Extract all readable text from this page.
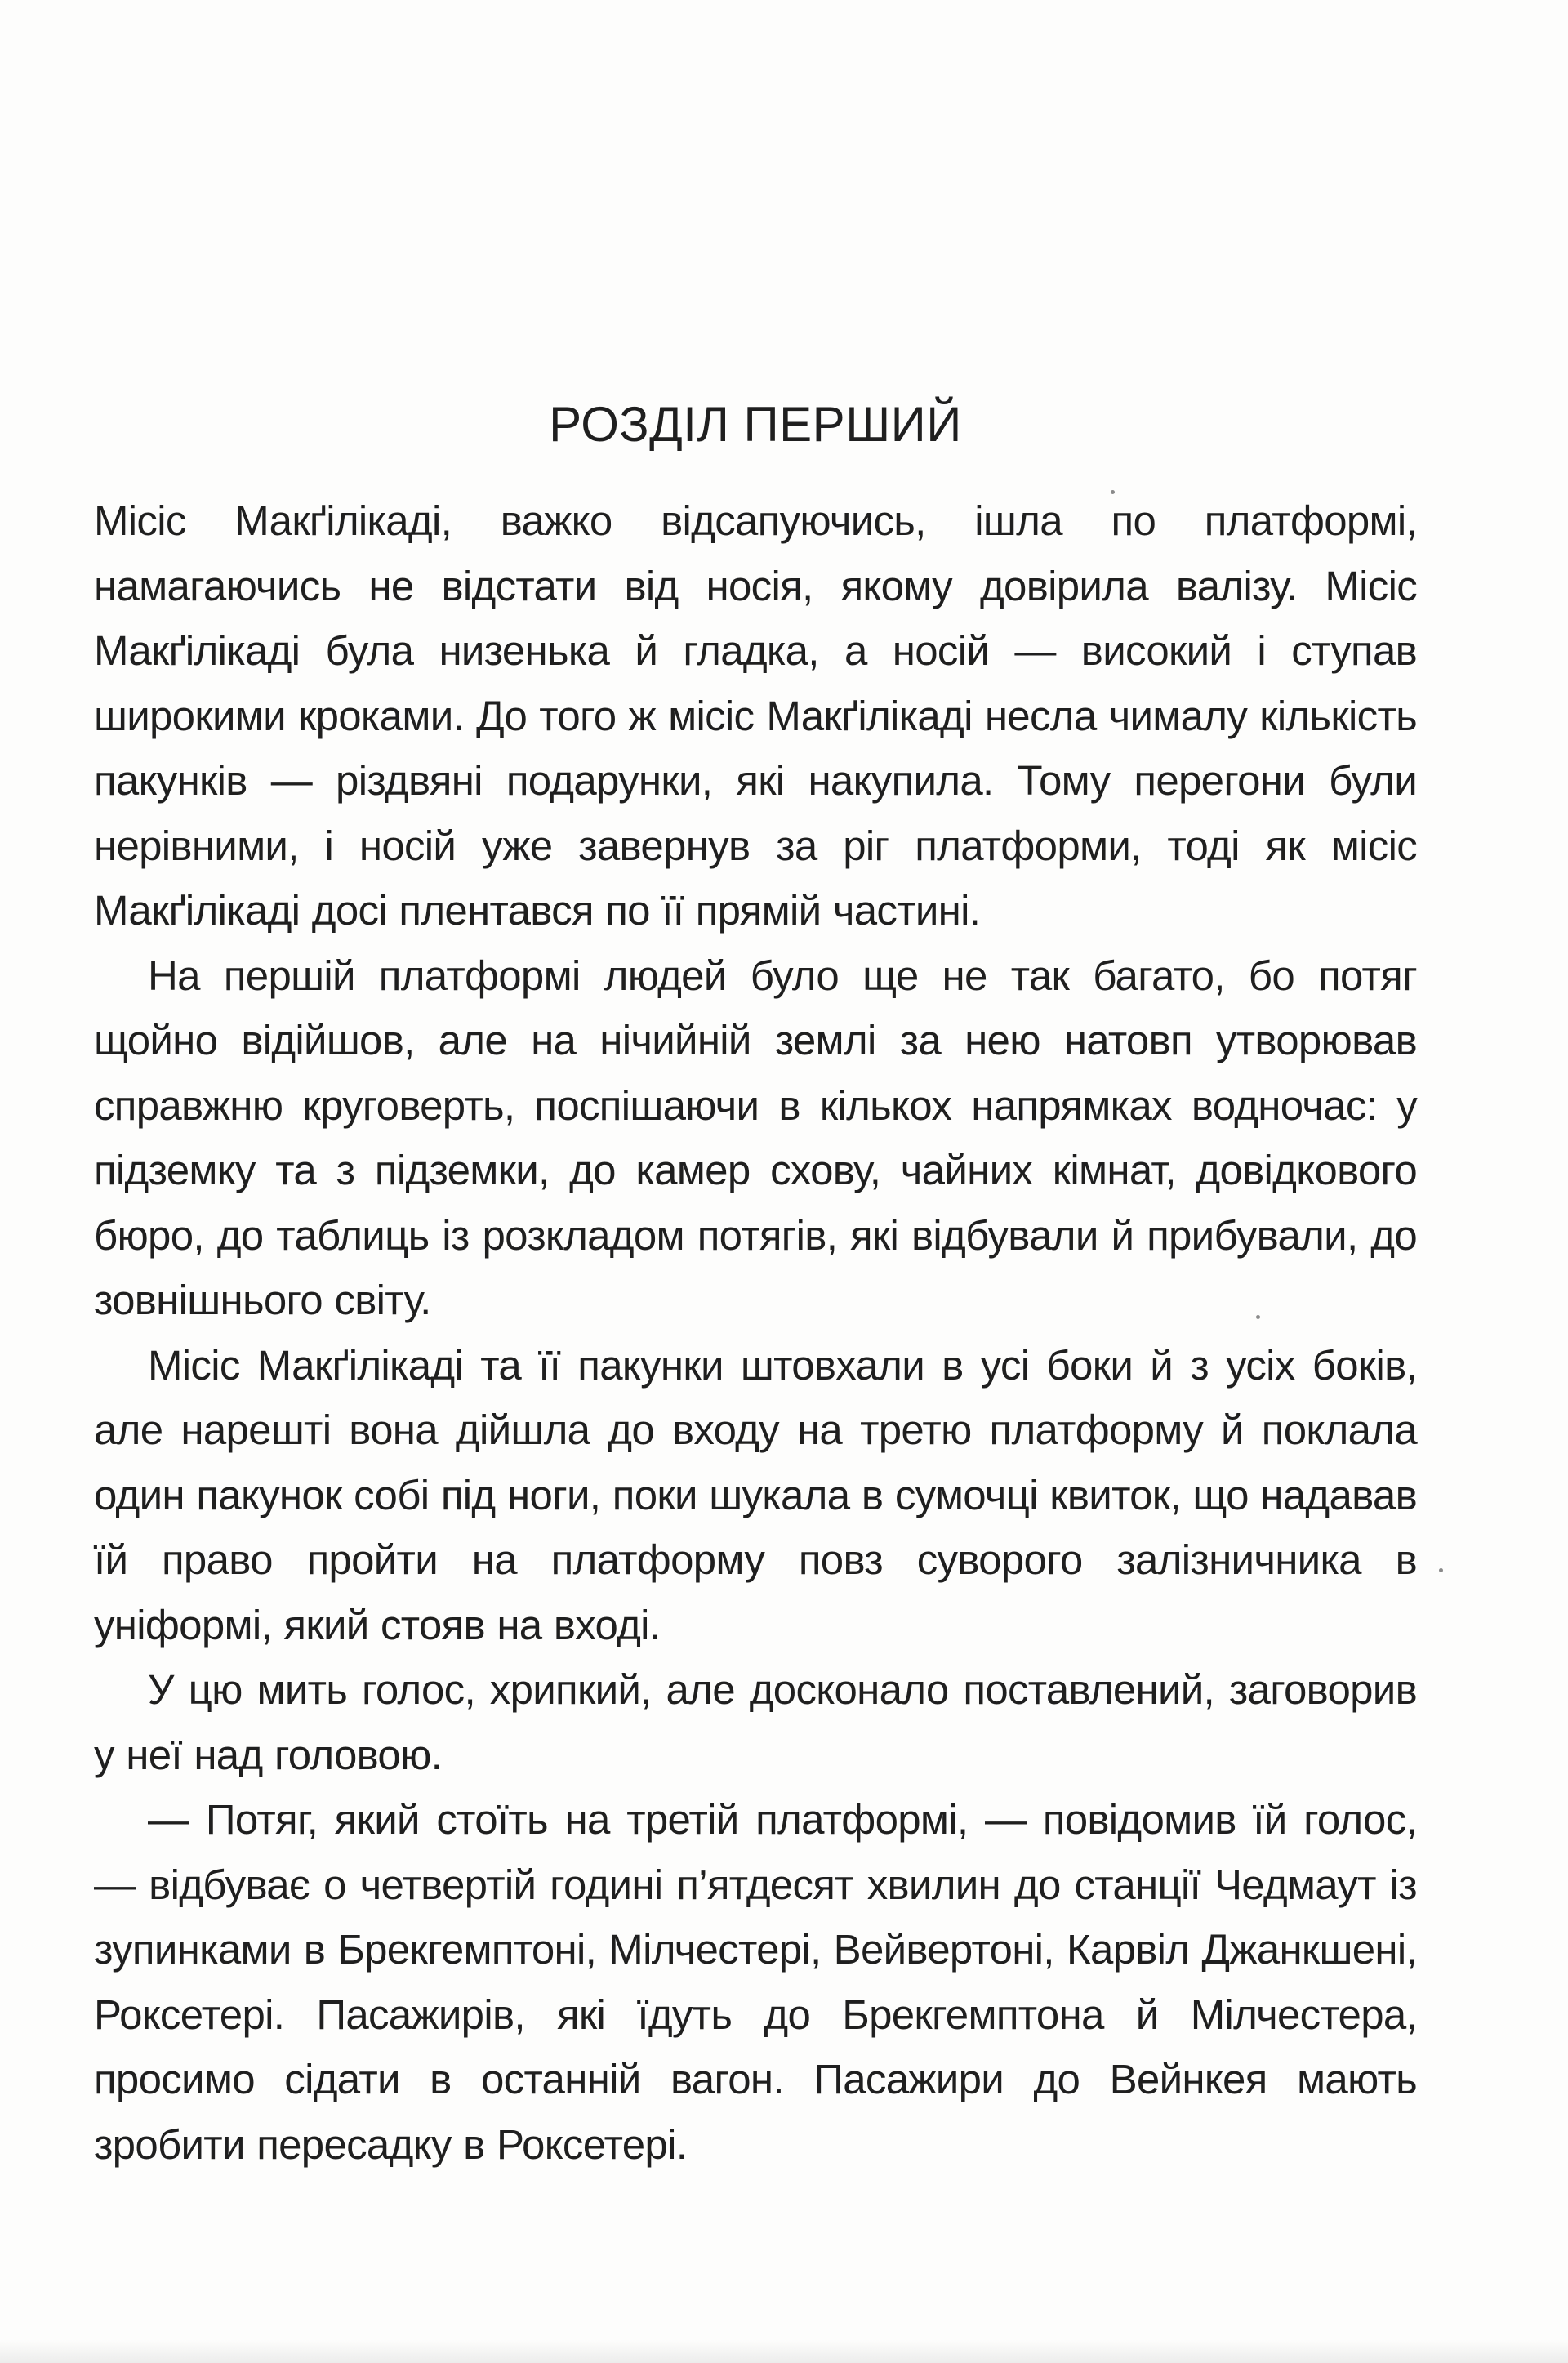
РОЗДІЛ ПЕРШИЙ

Місіс Макґілікаді, важко відсапуючись, ішла по платформі, намагаючись не відстати від носія, якому довірила валізу. Місіс Макґілікаді була низенька й гладка, а носій — високий і ступав широкими кроками. До того ж місіс Макґілікаді несла чималу кількість пакунків — різдвяні подарунки, які накупила. Тому перегони були нерівними, і носій уже завернув за ріг платформи, тоді як місіс Макґілікаді досі плентався по її прямій частині.

На першій платформі людей було ще не так багато, бо потяг щойно відійшов, але на нічийній землі за нею натовп утворював справжню круговерть, поспішаючи в кількох напрямках водночас: у підземку та з підземки, до камер схову, чайних кімнат, довідкового бюро, до таблиць із розкладом потягів, які відбували й прибували, до зовнішнього світу.

Місіс Макґілікаді та її пакунки штовхали в усі боки й з усіх боків, але нарешті вона дійшла до входу на третю платформу й поклала один пакунок собі під ноги, поки шукала в сумочці квиток, що надавав їй право пройти на платформу повз суворого залізничника в уніформі, який стояв на вході.

У цю мить голос, хрипкий, але досконало поставлений, заговорив у неї над головою.

— Потяг, який стоїть на третій платформі, — повідомив їй голос, — відбуває о четвертій годині п’ятдесят хвилин до станції Чедмаут із зупинками в Брекгемптоні, Мілчестері, Вейвертоні, Карвіл Джанкшені, Роксетері. Пасажирів, які їдуть до Брекгемптона й Мілчестера, просимо сідати в останній вагон. Пасажири до Вейнкея мають зробити пересадку в Роксетері.
